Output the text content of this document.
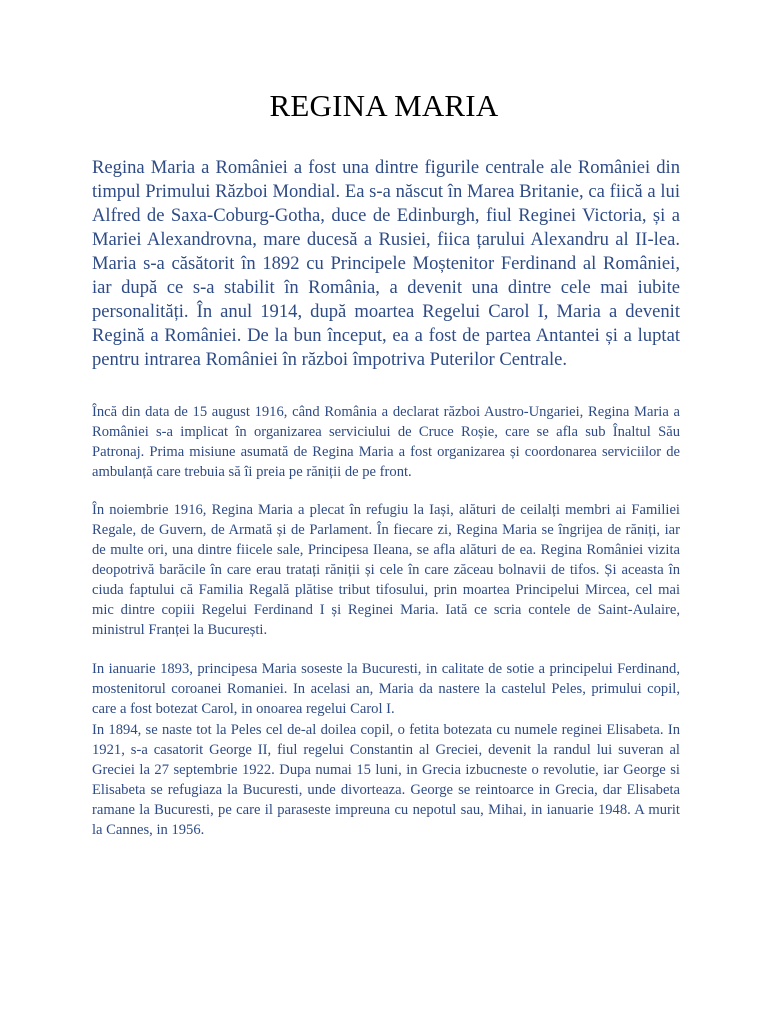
REGINA MARIA

Regina Maria a României a fost una dintre figurile centrale ale României din timpul Primului Război Mondial. Ea s-a născut în Marea Britanie, ca fiică a lui Alfred de Saxa-Coburg-Gotha, duce de Edinburgh, fiul Reginei Victoria, și a Mariei Alexandrovna, mare ducesă a Rusiei, fiica țarului Alexandru al II-lea. Maria s-a căsătorit în 1892 cu Principele Moștenitor Ferdinand al României, iar după ce s-a stabilit în România, a devenit una dintre cele mai iubite personalități. În anul 1914, după moartea Regelui Carol I, Maria a devenit Regină a României. De la bun început, ea a fost de partea Antantei și a luptat pentru intrarea României în război împotriva Puterilor Centrale.

Încă din data de 15 august 1916, când România a declarat război Austro-Ungariei, Regina Maria a României s-a implicat în organizarea serviciului de Cruce Roșie, care se afla sub Înaltul Său Patronaj. Prima misiune asumată de Regina Maria a fost organizarea și coordonarea serviciilor de ambulanță care trebuia să îi preia pe răniții de pe front.

În noiembrie 1916, Regina Maria a plecat în refugiu la Iași, alături de ceilalți membri ai Familiei Regale, de Guvern, de Armată și de Parlament. În fiecare zi, Regina Maria se îngrijea de răniți, iar de multe ori, una dintre fiicele sale, Principesa Ileana, se afla alături de ea. Regina României vizita deopotrivă barăcile în care erau tratați răniții și cele în care zăceau bolnavii de tifos. Și aceasta în ciuda faptului că Familia Regală plătise tribut tifosului, prin moartea Principelui Mircea, cel mai mic dintre copiii Regelui Ferdinand I și Reginei Maria. Iată ce scria contele de Saint-Aulaire, ministrul Franței la București.

In ianuarie 1893, principesa Maria soseste la Bucuresti, in calitate de sotie a principelui Ferdinand, mostenitorul coroanei Romaniei. In acelasi an, Maria da nastere la castelul Peles, primului copil, care a fost botezat Carol, in onoarea regelui Carol I.

In 1894, se naste tot la Peles cel de-al doilea copil, o fetita botezata cu numele reginei Elisabeta. In 1921, s-a casatorit George II, fiul regelui Constantin al Greciei, devenit la randul lui suveran al Greciei la 27 septembrie 1922. Dupa numai 15 luni, in Grecia izbucneste o revolutie, iar George si Elisabeta se refugiaza la Bucuresti, unde divorteaza. George se reintoarce in Grecia, dar Elisabeta ramane la Bucuresti, pe care il paraseste impreuna cu nepotul sau, Mihai, in ianuarie 1948. A murit la Cannes, in 1956.
